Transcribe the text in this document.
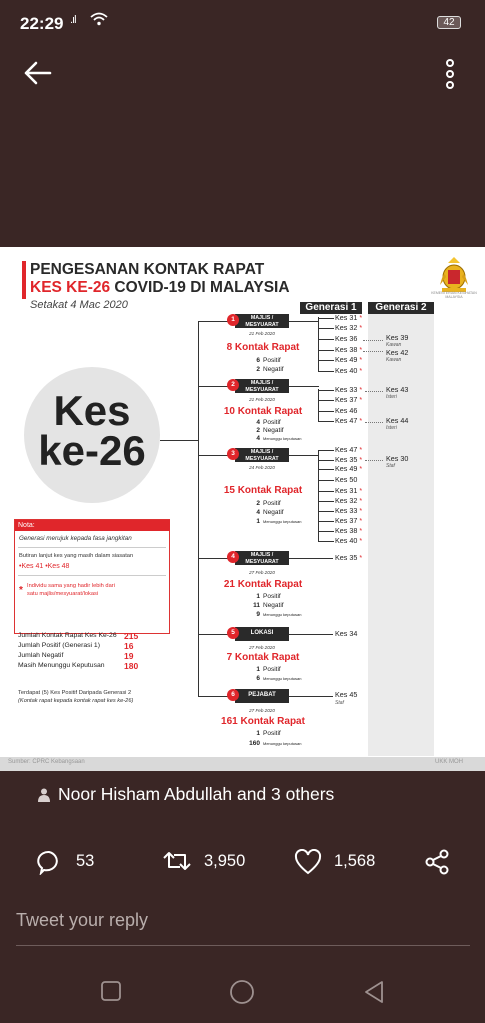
22:29 .ıl	42
PENGESANAN KONTAK RAPAT
KES KE-26 COVID-19 DI MALAYSIA
Setakat 4 Mac 2020
KEMENTERIAN KESIHATAN MALAYSIA
Generasi 1	Generasi 2
Kes
ke-26
1	MAJLIS /
MESYUARAT
21 Feb 2020
8 Kontak Rapat
6 Positif
2 Negatif
2	MAJLIS /
MESYUARAT
21 Feb 2020
10 Kontak Rapat
4 Positif
2 Negatif
4 Menunggu keputusan
3	MAJLIS /
MESYUARAT
24 Feb 2020
15 Kontak Rapat
2 Positif
4 Negatif
1 Menunggu keputusan
4	MAJLIS /
MESYUARAT
27 Feb 2020
21 Kontak Rapat
1 Positif
11 Negatif
9 Menunggu keputusan
5	LOKASI
27 Feb 2020
7 Kontak Rapat
1 Positif
6 Menunggu keputusan
6	PEJABAT
27 Feb 2020
161 Kontak Rapat
1 Positif
160 Menunggu keputusan
Kes 31 *
Kes 32 *
Kes 36
Kes 38 *
Kes 49 *
Kes 40 *
Kes 33 *
Kes 37 *
Kes 46
Kes 47 *
Kes 47 *
Kes 35 *
Kes 49 *
Kes 50
Kes 31 *
Kes 32 *
Kes 33 *
Kes 37 *
Kes 38 *
Kes 40 *
Kes 35 *
Kes 34
Kes 45
Staf
Kes 39
Kawan
Kes 42
Kawan
Kes 43
Isteri
Kes 44
Isteri
Kes 30
Staf
Nota:
Generasi merujuk kepada fasa jangkitan
Butiran lanjut kes yang masih dalam siasatan
•Kes 41 •Kes 48
* Individu sama yang hadir lebih dari
satu majlis/mesyuarat/lokasi
Jumlah Kontak Rapat Kes Ke-26 215
Jumlah Positif (Generasi 1)	16
Jumlah Negatif	19
Masih Menunggu Keputusan 180
Terdapat (5) Kes Positif Daripada Generasi 2
(Kontak rapat kepada kontak rapat kes ke-26)
Sumber: CPRC Kebangsaan	UKK MOH
Noor Hisham Abdullah and 3 others
53	3,950	1,568
Tweet your reply
